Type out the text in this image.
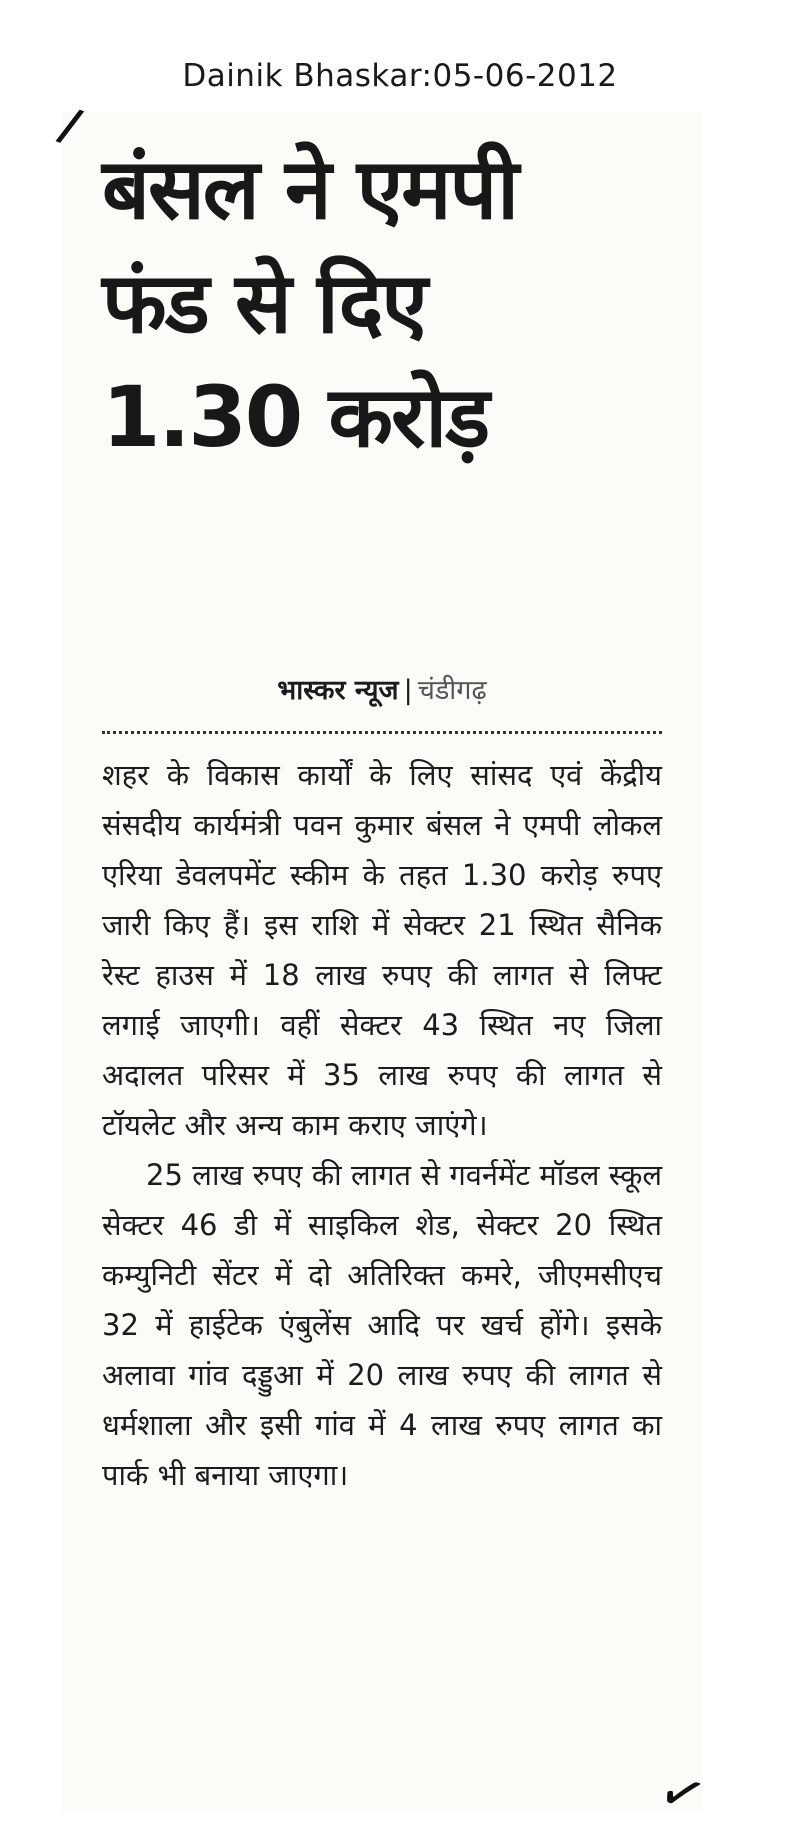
Dainik Bhaskar:05-06-2012
/
बंसल ने एमपी
फंड से दिए
1.30 करोड़
भास्कर न्यूज | चंडीगढ़

शहर के विकास कार्यों के लिए सांसद एवं केंद्रीय संसदीय कार्यमंत्री पवन कुमार बंसल ने एमपी लोकल एरिया डेवलपमेंट स्कीम के तहत 1.30 करोड़ रुपए जारी किए हैं। इस राशि में सेक्टर 21 स्थित सैनिक रेस्ट हाउस में 18 लाख रुपए की लागत से लिफ्ट लगाई जाएगी। वहीं सेक्टर 43 स्थित नए जिला अदालत परिसर में 35 लाख रुपए की लागत से टॉयलेट और अन्य काम कराए जाएंगे।

25 लाख रुपए की लागत से गवर्नमेंट मॉडल स्कूल सेक्टर 46 डी में साइकिल शेड, सेक्टर 20 स्थित कम्युनिटी सेंटर में दो अतिरिक्त कमरे, जीएमसीएच 32 में हाईटेक एंबुलेंस आदि पर खर्च होंगे। इसके अलावा गांव दड्डुआ में 20 लाख रुपए की लागत से धर्मशाला और इसी गांव में 4 लाख रुपए लागत का पार्क भी बनाया जाएगा।

✓
